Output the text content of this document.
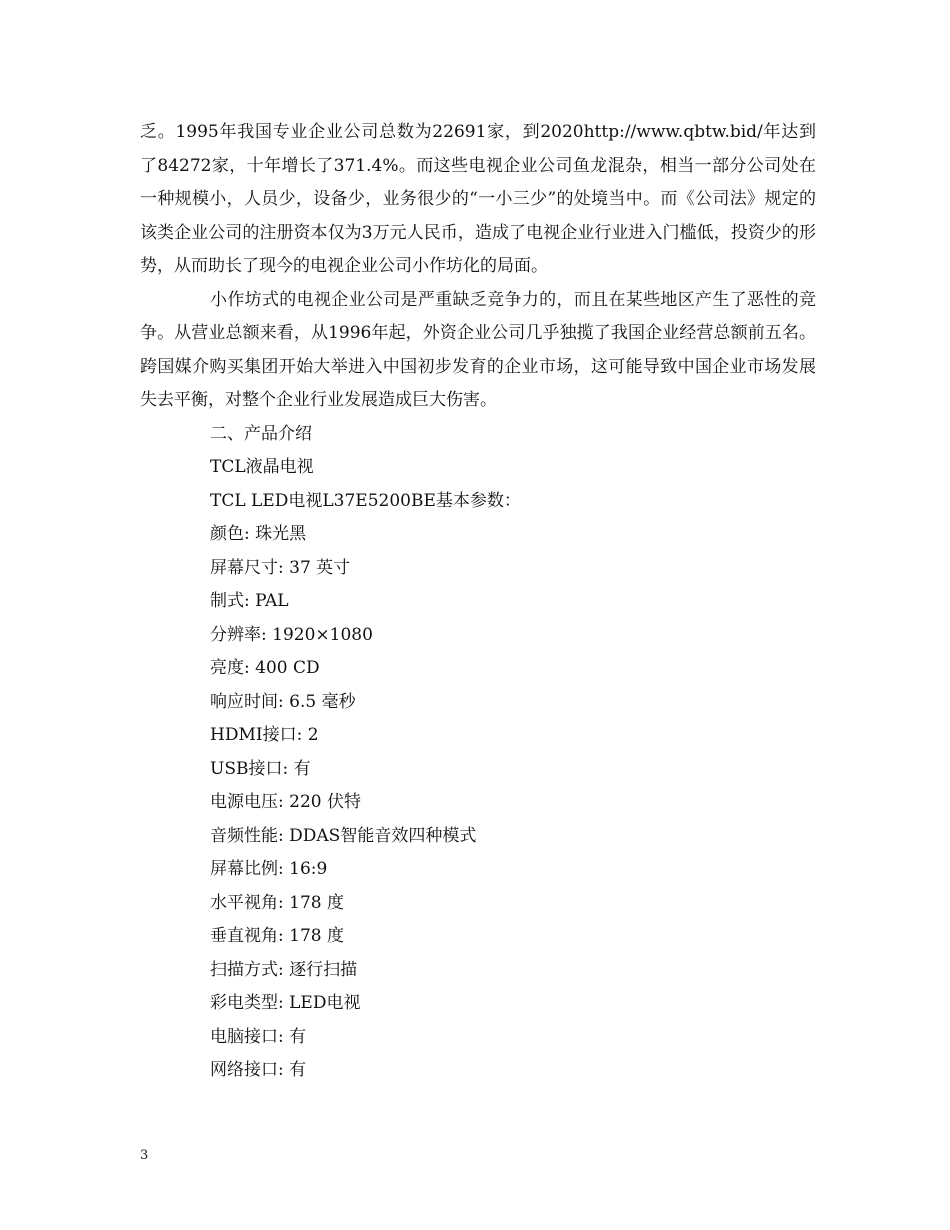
乏。1995年我国专业企业公司总数为22691家，到2020http://www.qbtw.bid/年达到了84272家，十年增长了371.4%。而这些电视企业公司鱼龙混杂，相当一部分公司处在一种规模小，人员少，设备少，业务很少的“一小三少”的处境当中。而《公司法》规定的该类企业公司的注册资本仅为3万元人民币，造成了电视企业行业进入门槛低，投资少的形势，从而助长了现今的电视企业公司小作坊化的局面。

小作坊式的电视企业公司是严重缺乏竞争力的，而且在某些地区产生了恶性的竞争。从营业总额来看，从1996年起，外资企业公司几乎独揽了我国企业经营总额前五名。跨国媒介购买集团开始大举进入中国初步发育的企业市场，这可能导致中国企业市场发展失去平衡，对整个企业行业发展造成巨大伤害。

二、产品介绍

TCL液晶电视

TCL LED电视L37E5200BE基本参数：

颜色: 珠光黑
屏幕尺寸: 37 英寸
制式: PAL
分辨率: 1920×1080
亮度: 400 CD
响应时间: 6.5 毫秒
HDMI接口: 2
USB接口: 有
电源电压: 220 伏特
音频性能: DDAS智能音效四种模式
屏幕比例: 16:9
水平视角: 178 度
垂直视角: 178 度
扫描方式: 逐行扫描
彩电类型: LED电视
电脑接口: 有
网络接口: 有
3
